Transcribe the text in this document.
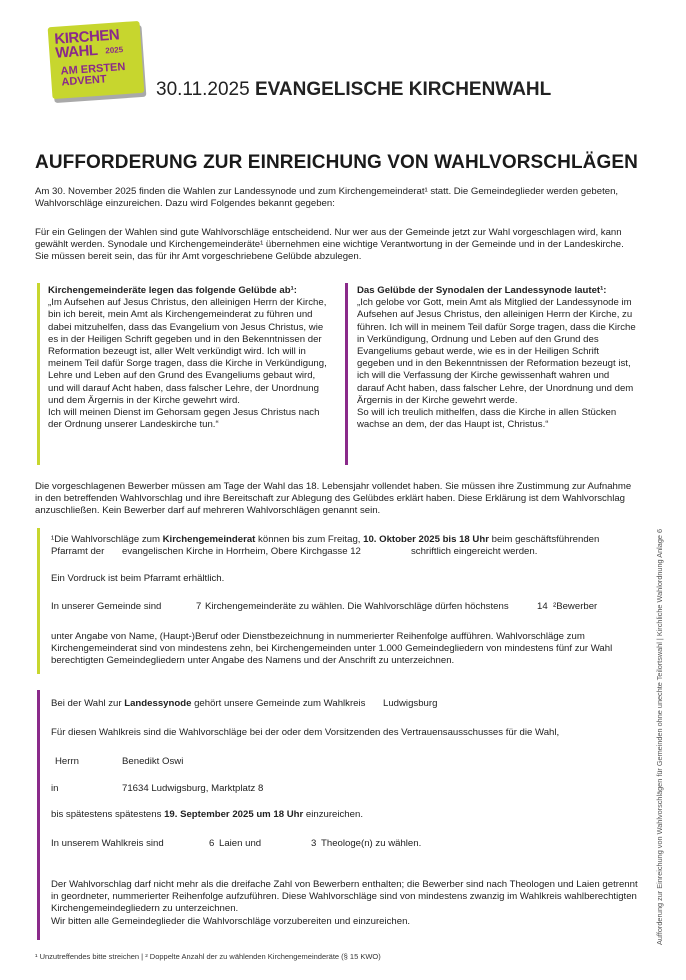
KIRCHEN
WAHL 2025
AM ERSTEN
ADVENT	30.11.2025 EVANGELISCHE KIRCHENWAHL
AUFFORDERUNG ZUR EINREICHUNG VON WAHLVORSCHLÄGEN
Am 30. November 2025 finden die Wahlen zur Landessynode und zum Kirchengemeinderat¹ statt. Die Gemeindeglieder werden gebeten, Wahlvorschläge einzureichen. Dazu wird Folgendes bekannt gegeben:
Für ein Gelingen der Wahlen sind gute Wahlvorschläge entscheidend. Nur wer aus der Gemeinde jetzt zur Wahl vorgeschlagen wird, kann gewählt werden. Synodale und Kirchengemeinderäte¹ übernehmen eine wichtige Verantwortung in der Gemeinde und in der Landeskirche. Sie müssen bereit sein, das für ihr Amt vorgeschriebene Gelübde abzulegen.
Kirchengemeinderäte legen das folgende Gelübde ab¹:
„Im Aufsehen auf Jesus Christus, den alleinigen Herrn der Kirche, bin ich bereit, mein Amt als Kirchengemeinderat zu führen und dabei mitzuhelfen, dass das Evangelium von Jesus Christus, wie es in der Heiligen Schrift gegeben und in den Bekenntnissen der Reformation bezeugt ist, aller Welt verkündigt wird. Ich will in meinem Teil dafür Sorge tragen, dass die Kirche in Verkündigung, Lehre und Leben auf den Grund des Evangeliums gebaut wird, und will darauf Acht haben, dass falscher Lehre, der Unordnung und dem Ärgernis in der Kirche gewehrt wird.
Ich will meinen Dienst im Gehorsam gegen Jesus Christus nach der Ordnung unserer Landeskirche tun.“
Das Gelübde der Synodalen der Landessynode lautet¹:
„Ich gelobe vor Gott, mein Amt als Mitglied der Landessynode im Aufsehen auf Jesus Christus, den alleinigen Herrn der Kirche, zu führen. Ich will in meinem Teil dafür Sorge tragen, dass die Kirche in Verkündigung, Ordnung und Leben auf den Grund des Evangeliums gebaut werde, wie es in der Heiligen Schrift gegeben und in den Bekenntnissen der Reformation bezeugt ist, ich will die Verfassung der Kirche gewissenhaft wahren und darauf Acht haben, dass falscher Lehre, der Unordnung und dem Ärgernis in der Kirche gewehrt werde.
So will ich treulich mithelfen, dass die Kirche in allen Stücken wachse an dem, der das Haupt ist, Christus.“
Die vorgeschlagenen Bewerber müssen am Tage der Wahl das 18. Lebensjahr vollendet haben. Sie müssen ihre Zustimmung zur Aufnahme in den betreffenden Wahlvorschlag und ihre Bereitschaft zur Ablegung des Gelübdes erklärt haben. Diese Erklärung ist dem Wahlvorschlag anzuschließen. Kein Bewerber darf auf mehreren Wahlvorschlägen genannt sein.
¹Die Wahlvorschläge zum Kirchengemeinderat können bis zum Freitag, 10. Oktober 2025 bis 18 Uhr beim geschäftsführenden
Pfarramt der evangelischen Kirche in Horrheim, Obere Kirchgasse 12	schriftlich eingereicht werden.
Ein Vordruck ist beim Pfarramt erhältlich.
In unserer Gemeinde sind	7 Kirchengemeinderäte zu wählen. Die Wahlvorschläge dürfen höchstens	14 ²Bewerber
unter Angabe von Name, (Haupt-)Beruf oder Dienstbezeichnung in nummerierter Reihenfolge aufführen. Wahlvorschläge zum Kirchengemeinderat sind von mindestens zehn, bei Kirchengemeinden unter 1.000 Gemeindegliedern von mindestens fünf zur Wahl berechtigten Gemeindegliedern unter Angabe des Namens und der Anschrift zu unterzeichnen.
Bei der Wahl zur Landessynode gehört unsere Gemeinde zum Wahlkreis Ludwigsburg
Für diesen Wahlkreis sind die Wahlvorschläge bei der oder dem Vorsitzenden des Vertrauensausschusses für die Wahl,
Herrn	Benedikt Oswi
in	71634 Ludwigsburg, Marktplatz 8
bis spätestens spätestens 19. September 2025 um 18 Uhr einzureichen.
In unserem Wahlkreis sind	6 Laien und	3 Theologe(n) zu wählen.
Der Wahlvorschlag darf nicht mehr als die dreifache Zahl von Bewerbern enthalten; die Bewerber sind nach Theologen und Laien getrennt in geordneter, nummerierter Reihenfolge aufzuführen. Diese Wahlvorschläge sind von mindestens zwanzig im Wahlkreis wahlberechtigten Kirchengemeindegliedern zu unterzeichnen.
Wir bitten alle Gemeindeglieder die Wahlvorschläge vorzubereiten und einzureichen.
¹ Unzutreffendes bitte streichen | ² Doppelte Anzahl der zu wählenden Kirchengemeinderäte (§ 15 KWO)
Aufforderung zur Einreichung von Wahlvorschlägen für Gemeinden ohne unechte Teilortswahl | Kirchliche Wahlordnung Anlage 6
